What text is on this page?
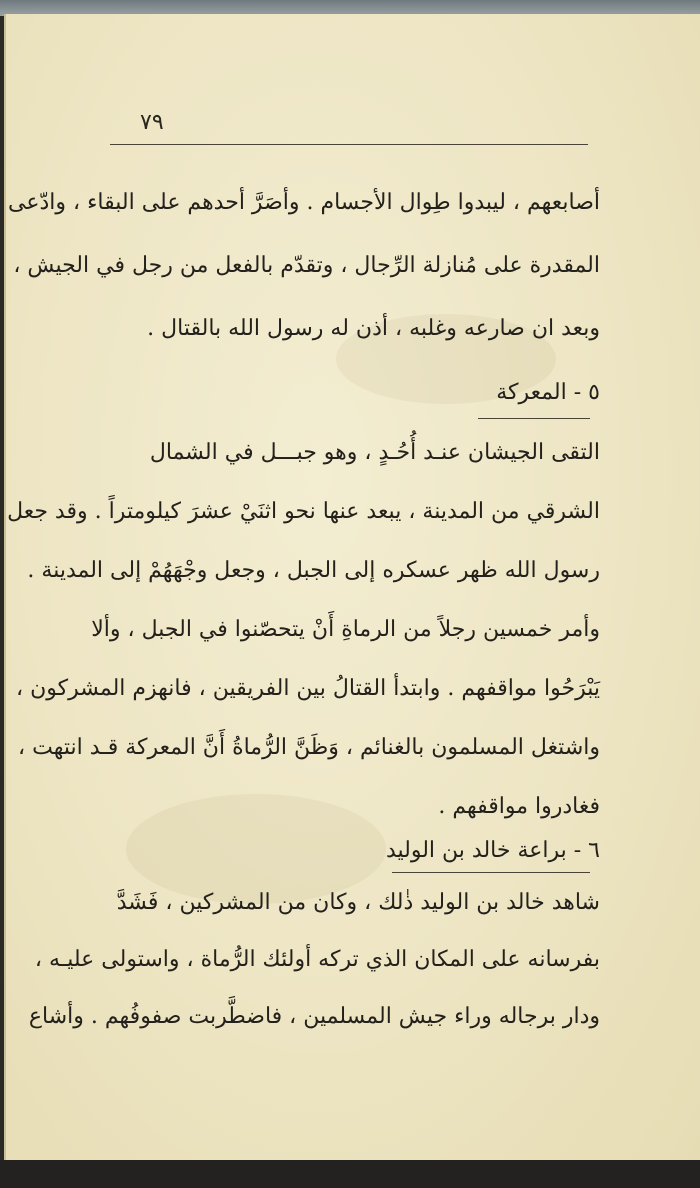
٧٩
أصابعهم ، ليبدوا طِوال الأجسام . وأصَرَّ أحدهم على البقاء ، وادّعى
المقدرة على مُنازلة الرِّجال ، وتقدّم بالفعل من رجل في الجيش ،
وبعد ان صارعه وغلبه ، أذن له رسول الله بالقتال .
٥ - المعركة
التقى الجيشان عنـد أُحُـدٍ ، وهو جبـــل في الشمال
الشرقي من المدينة ، يبعد عنها نحو اثنَيْ عشرَ كيلومتراً . وقد جعل
رسول الله ظهر عسكره إلى الجبل ، وجعل وجْهَهُمْ إلى المدينة .
وأمر خمسين رجلاً من الرماةِ أَنْ يتحصّنوا في الجبل ، وألا
يَبْرَحُوا مواقفهم . وابتدأ القتالُ بين الفريقين ، فانهزم المشركون ،
واشتغل المسلمون بالغنائم ، وَظَنَّ الرُّماةُ أَنَّ المعركة قـد انتهت ،
فغادروا مواقفهم .
٦ - براعة خالد بن الوليد
شاهد خالد بن الوليد ذٰلك ، وكان من المشركين ، فَشَدَّ
بفرسانه على المكان الذي تركه أولئك الرُّماة ، واستولى عليـه ،
ودار برجاله وراء جيش المسلمين ، فاضطَّربت صفوفُهم . وأشاع
